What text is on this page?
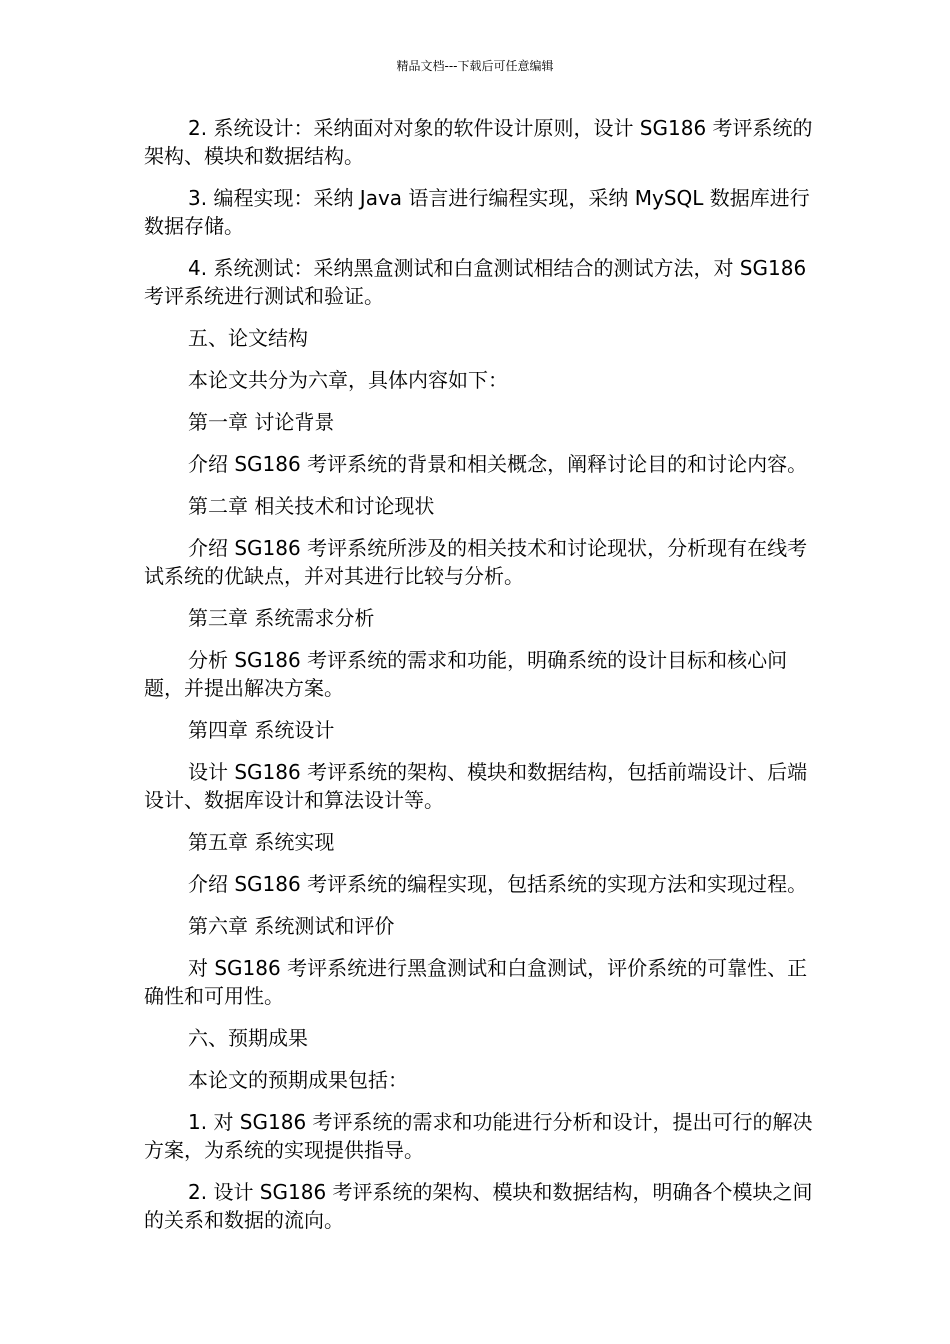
精品文档---下载后可任意编辑

2. 系统设计：采纳面对对象的软件设计原则，设计 SG186 考评系统的架构、模块和数据结构。

3. 编程实现：采纳 Java 语言进行编程实现，采纳 MySQL 数据库进行数据存储。

4. 系统测试：采纳黑盒测试和白盒测试相结合的测试方法，对 SG186 考评系统进行测试和验证。

五、论文结构

本论文共分为六章，具体内容如下：

第一章 讨论背景

介绍 SG186 考评系统的背景和相关概念，阐释讨论目的和讨论内容。

第二章 相关技术和讨论现状

介绍 SG186 考评系统所涉及的相关技术和讨论现状，分析现有在线考试系统的优缺点，并对其进行比较与分析。

第三章 系统需求分析

分析 SG186 考评系统的需求和功能，明确系统的设计目标和核心问题，并提出解决方案。

第四章 系统设计

设计 SG186 考评系统的架构、模块和数据结构，包括前端设计、后端设计、数据库设计和算法设计等。

第五章 系统实现

介绍 SG186 考评系统的编程实现，包括系统的实现方法和实现过程。

第六章 系统测试和评价

对 SG186 考评系统进行黑盒测试和白盒测试，评价系统的可靠性、正确性和可用性。

六、预期成果

本论文的预期成果包括：

1. 对 SG186 考评系统的需求和功能进行分析和设计，提出可行的解决方案，为系统的实现提供指导。

2. 设计 SG186 考评系统的架构、模块和数据结构，明确各个模块之间的关系和数据的流向。
